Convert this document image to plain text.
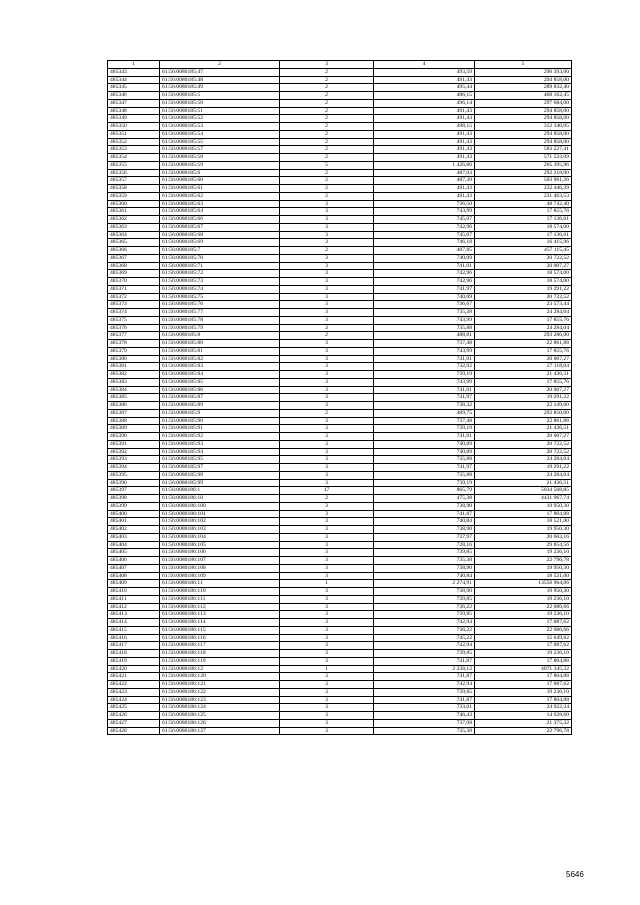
1	2	3	4	5
485343	61:56:0080185:47	2	493,59	296 393,00
485344	61:56:0080185:48	2	491,43	294 858,00
485345	61:56:0080185:49	2	495,44	289 832,40
485346	61:56:0080185:5	2	486,15	468 162,45
485347	61:56:0080185:50	2	496,14	297 684,00
485348	61:56:0080185:51	2	491,43	294 858,00
485349	61:56:0080185:52	2	491,43	294 858,00
485350	61:56:0080185:53	2	498,15	312 340,05
485351	61:56:0080185:54	2	491,43	294 858,00
485352	61:56:0080185:55	2	491,43	294 858,00
485353	61:56:0080185:57	2	491,43	583 227,41
485354	61:56:0080185:58	2	491,43	571 533,09
485355	61:56:0080185:59	5	1 426,86	265 395,96
485356	61:56:0080185:6	2	487,03	292 218,00
485357	61:56:0080185:60	2	487,39	503 961,26
485358	61:56:0080185:61	2	491,43	232 446,39
485359	61:56:0080185:62	2	491,43	231 463,53
485360	61:56:0080185:63	3	736,50	48 742,40
485361	61:56:0080185:64	3	743,99	17 855,76
485362	61:56:0080185:66	3	745,07	17 136,61
485363	61:56:0080185:67	3	742,96	18 574,00
485364	61:56:0080185:68	3	745,07	17 136,61
485365	61:56:0080185:69	3	746,18	16 415,96
485366	61:56:0080185:7	2	487,85	457 115,45
485367	61:56:0080185:70	3	740,09	20 722,52
485368	61:56:0080185:71	3	741,01	20 007,27
485369	61:56:0080185:72	3	742,96	18 574,00
485370	61:56:0080185:73	3	742,96	18 574,00
485371	61:56:0080185:74	3	741,97	19 291,22
485372	61:56:0080185:75	3	740,09	20 722,52
485373	61:56:0080185:76	3	736,67	23 573,44
485374	61:56:0080185:77	3	735,38	24 284,04
485375	61:56:0080185:78	3	743,99	17 855,76
485376	61:56:0080185:79	3	735,88	24 284,04
485377	61:56:0080185:8	2	488,81	293 286,00
485378	61:56:0080185:80	3	737,48	22 861,88
485379	61:56:0080185:81	3	743,99	17 855,76
485380	61:56:0080185:82	3	741,01	20 007,27
485381	61:56:0080185:83	3	732,92	27 118,04
485382	61:56:0080185:84	3	739,19	21 436,51
485383	61:56:0080185:85	3	743,99	17 855,76
485384	61:56:0080185:86	3	741,01	20 007,27
485385	61:56:0080185:87	3	741,97	19 291,22
485386	61:56:0080185:89	3	738,32	22 149,60
485387	61:56:0080185:9	2	489,75	293 850,00
485388	61:56:0080185:90	3	737,48	22 861,88
485389	61:56:0080185:91	3	739,19	21 436,51
485390	61:56:0080185:92	3	741,01	20 007,27
485391	61:56:0080185:93	3	740,09	20 722,52
485392	61:56:0080185:94	3	740,09	20 722,52
485393	61:56:0080185:95	3	735,88	24 284,04
485394	61:56:0080185:97	3	741,97	19 291,22
485395	61:56:0080185:98	3	735,88	24 284,04
485396	61:56:0080185:99	3	739,19	21 436,51
485397	61:56:0080186:1	17	865,79	5034 568,85
485398	61:56:0080186:10	2	475,38	4431 967,74
485399	61:56:0080186:100	3	738,90	19 950,30
485400	61:56:0080186:101	3	741,87	17 804,88
485401	61:56:0080186:102	3	740,84	18 521,00
485402	61:56:0080186:103	3	738,90	19 950,30
485403	61:56:0080186:104	3	737,97	20 663,16
485404	61:56:0080186:105	3	728,16	29 854,56
485405	61:56:0080186:106	3	739,85	19 236,10
485406	61:56:0080186:107	3	735,38	22 796,78
485407	61:56:0080186:108	3	738,90	19 950,30
485408	61:56:0080186:109	3	740,84	18 521,00
485409	61:56:0080186:11	1	2 274,91	13556 964,06
485410	61:56:0080186:110	3	738,90	19 950,30
485411	61:56:0080186:111	3	739,85	19 236,10
485412	61:56:0080186:112	3	736,22	22 086,66
485413	61:56:0080186:113	3	739,85	19 236,10
485414	61:56:0080186:114	3	742,94	17 087,62
485415	61:56:0080186:115	3	736,22	22 086,66
485416	61:56:0080186:116	3	745,22	15 649,62
485417	61:56:0080186:117	3	742,94	17 087,62
485418	61:56:0080186:118	3	739,85	19 236,10
485419	61:56:0080186:119	3	741,87	17 804,88
485420	61:56:0080186:12	1	2 238,12	4071 345,32
485421	61:56:0080186:120	3	741,87	17 804,88
485422	61:56:0080186:121	3	742,94	17 087,62
485423	61:56:0080186:122	3	739,85	19 236,10
485424	61:56:0080186:123	3	741,87	17 804,88
485425	61:56:0080186:124	3	733,01	24 922,34
485426	61:56:0080186:125	3	746,43	14 928,60
485427	61:56:0080186:126	3	737,08	21 375,32
485428	61:56:0080186:127	3	735,38	22 796,78
5646
